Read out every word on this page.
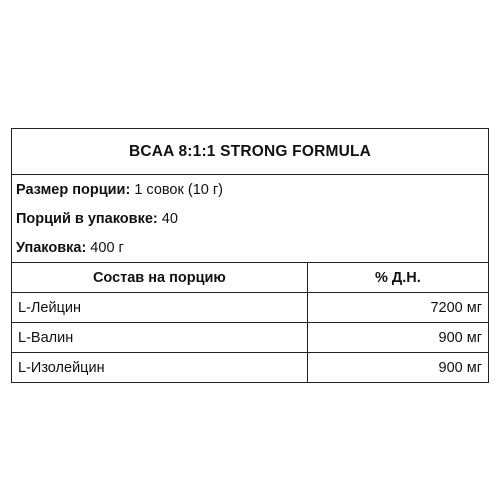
BCAA 8:1:1 STRONG FORMULA	
Размер порции: 1 совок (10 г)	
Порций в упаковке: 40	
Упаковка: 400 г	
Состав на порцию	% Д.Н.
L-Лейцин	7200 мг
L-Валин	900 мг
L-Изолейцин	900 мг
